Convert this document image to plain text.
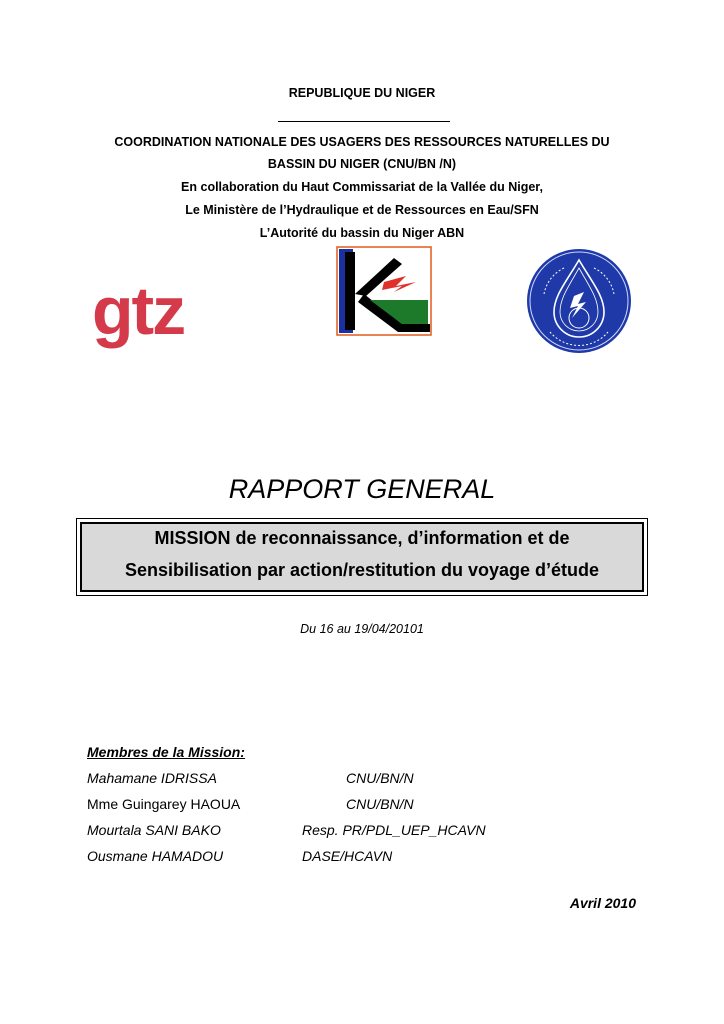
REPUBLIQUE DU NIGER
COORDINATION NATIONALE DES USAGERS DES RESSOURCES NATURELLES DU
BASSIN DU NIGER (CNU/BN /N)
En collaboration du Haut Commissariat de la Vallée du Niger,
Le Ministère de l’Hydraulique et de Ressources en Eau/SFN
L’Autorité du bassin du Niger ABN
gtz
RAPPORT GENERAL
MISSION de reconnaissance, d’information et de
Sensibilisation par action/restitution du voyage d’étude
Du 16 au 19/04/20101
Membres de la Mission:
Mahamane IDRISSA	CNU/BN/N
Mme Guingarey HAOUA	CNU/BN/N
Mourtala SANI BAKO	Resp. PR/PDL_UEP_HCAVN
Ousmane HAMADOU	DASE/HCAVN
Avril 2010
